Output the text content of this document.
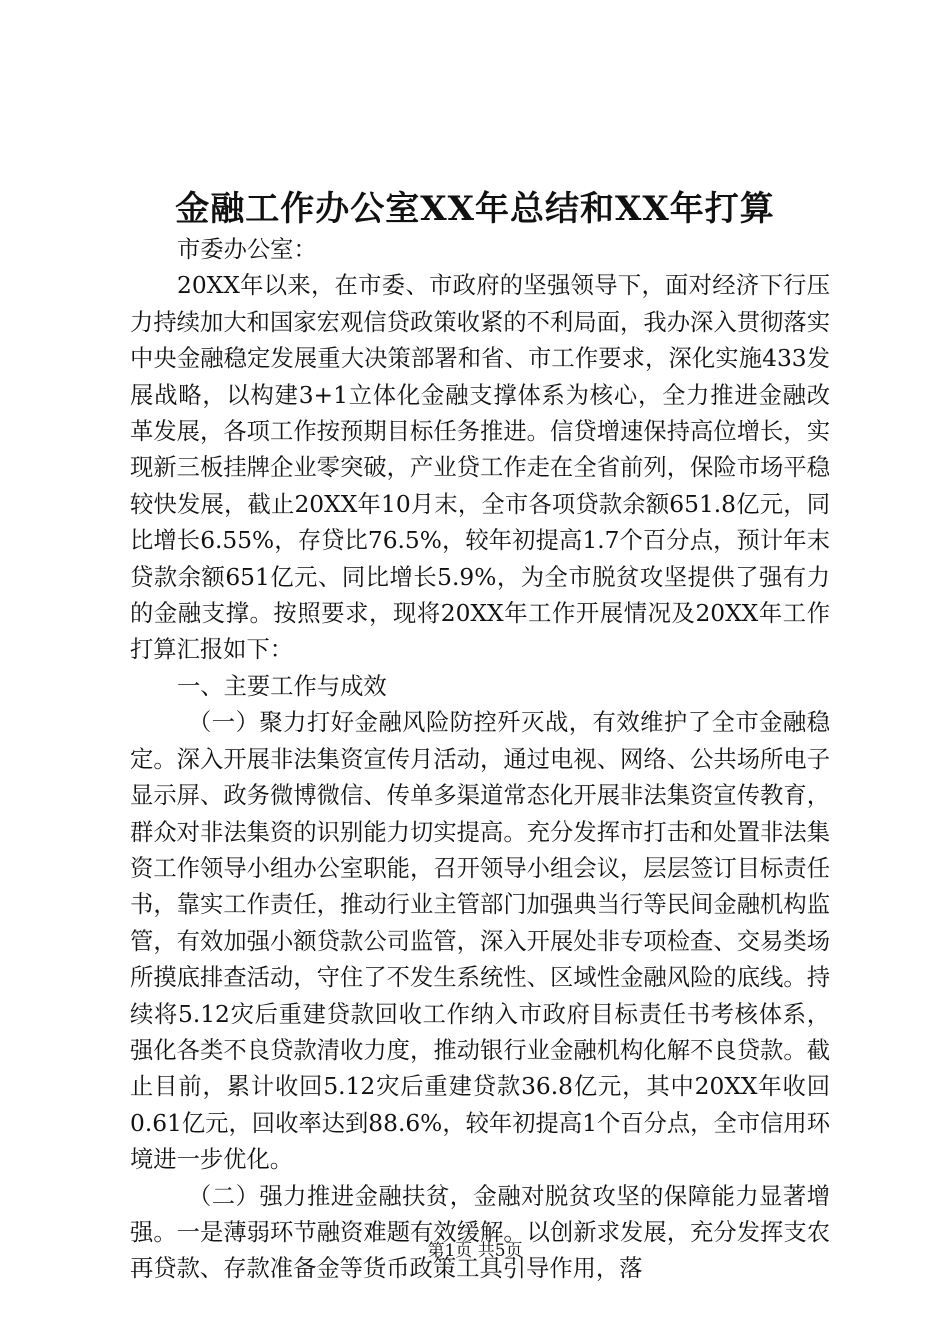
金融工作办公室XX年总结和XX年打算

市委办公室：

20XX年以来，在市委、市政府的坚强领导下，面对经济下行压力持续加大和国家宏观信贷政策收紧的不利局面，我办深入贯彻落实中央金融稳定发展重大决策部署和省、市工作要求，深化实施433发展战略，以构建3+1立体化金融支撑体系为核心，全力推进金融改革发展，各项工作按预期目标任务推进。信贷增速保持高位增长，实现新三板挂牌企业零突破，产业贷工作走在全省前列，保险市场平稳较快发展，截止20XX年10月末，全市各项贷款余额651.8亿元，同比增长6.55%，存贷比76.5%，较年初提高1.7个百分点，预计年末贷款余额651亿元、同比增长5.9%，为全市脱贫攻坚提供了强有力的金融支撑。按照要求，现将20XX年工作开展情况及20XX年工作打算汇报如下：

一、主要工作与成效

（一）聚力打好金融风险防控歼灭战，有效维护了全市金融稳定。深入开展非法集资宣传月活动，通过电视、网络、公共场所电子显示屏、政务微博微信、传单多渠道常态化开展非法集资宣传教育，群众对非法集资的识别能力切实提高。充分发挥市打击和处置非法集资工作领导小组办公室职能，召开领导小组会议，层层签订目标责任书，靠实工作责任，推动行业主管部门加强典当行等民间金融机构监管，有效加强小额贷款公司监管，深入开展处非专项检查、交易类场所摸底排查活动，守住了不发生系统性、区域性金融风险的底线。持续将5.12灾后重建贷款回收工作纳入市政府目标责任书考核体系，强化各类不良贷款清收力度，推动银行业金融机构化解不良贷款。截止目前，累计收回5.12灾后重建贷款36.8亿元，其中20XX年收回0.61亿元，回收率达到88.6%，较年初提高1个百分点，全市信用环境进一步优化。

（二）强力推进金融扶贫，金融对脱贫攻坚的保障能力显著增强。一是薄弱环节融资难题有效缓解。以创新求发展，充分发挥支农再贷款、存款准备金等货币政策工具引导作用，落

第1页 共5页
